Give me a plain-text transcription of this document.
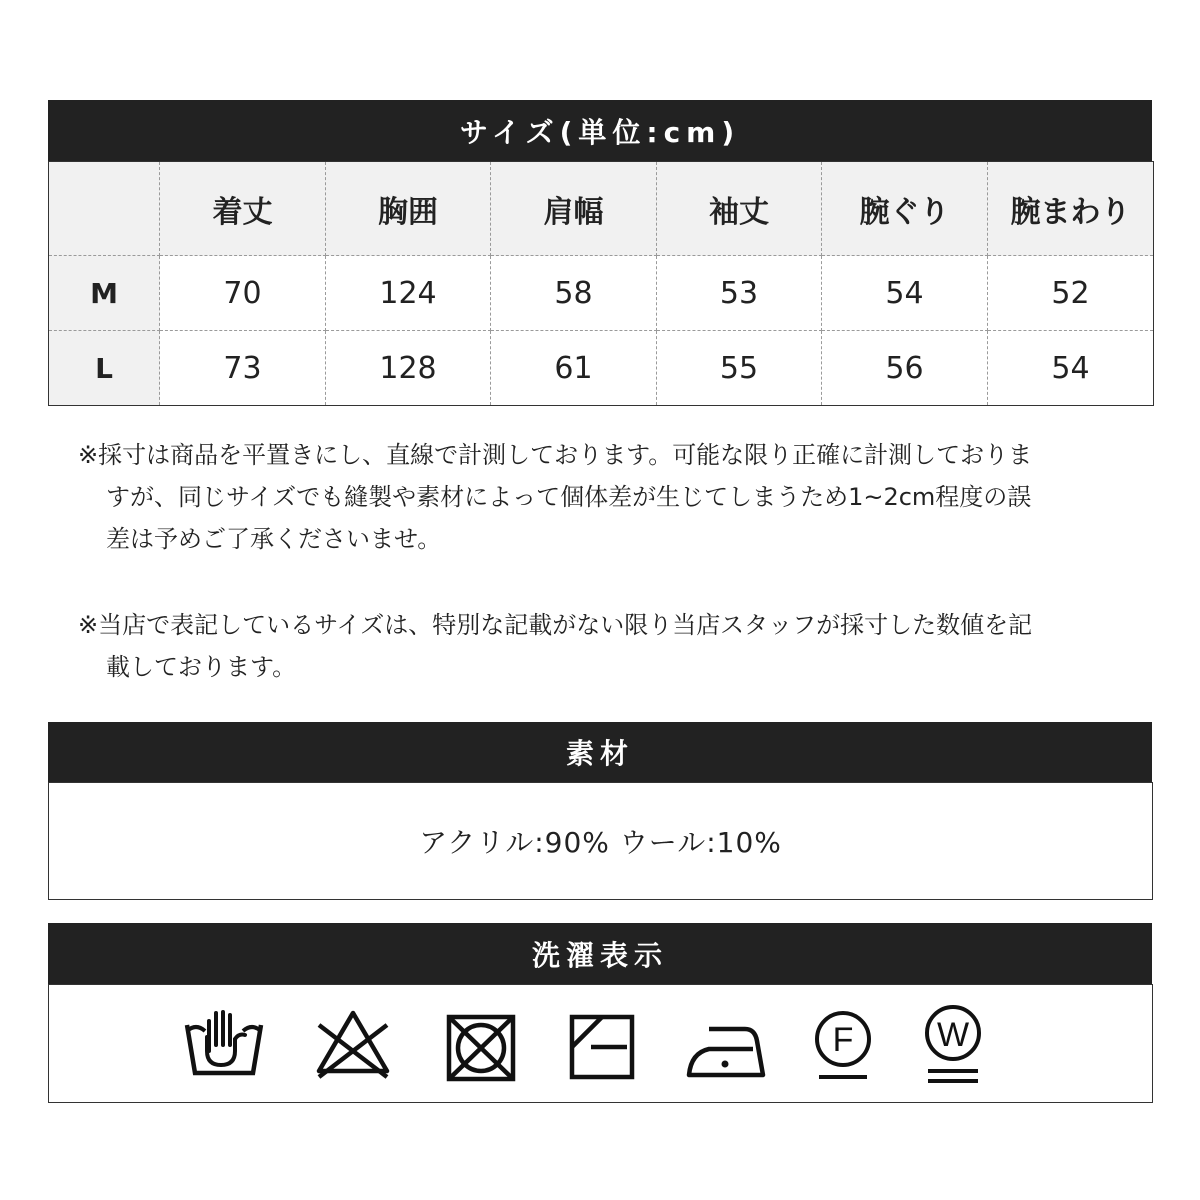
サイズ(単位:cm)
	着丈	胸囲	肩幅	袖丈	腕ぐり	腕まわり
M	70	124	58	53	54	52
L	73	128	61	55	56	54

※採寸は商品を平置きにし、直線で計測しております。可能な限り正確に計測しておりますが、同じサイズでも縫製や素材によって個体差が生じてしまうため1~2cm程度の誤差は予めご了承くださいませ。

※当店で表記しているサイズは、特別な記載がない限り当店スタッフが採寸した数値を記載しております。

素材
アクリル:90% ウール:10%
洗濯表示
F W
